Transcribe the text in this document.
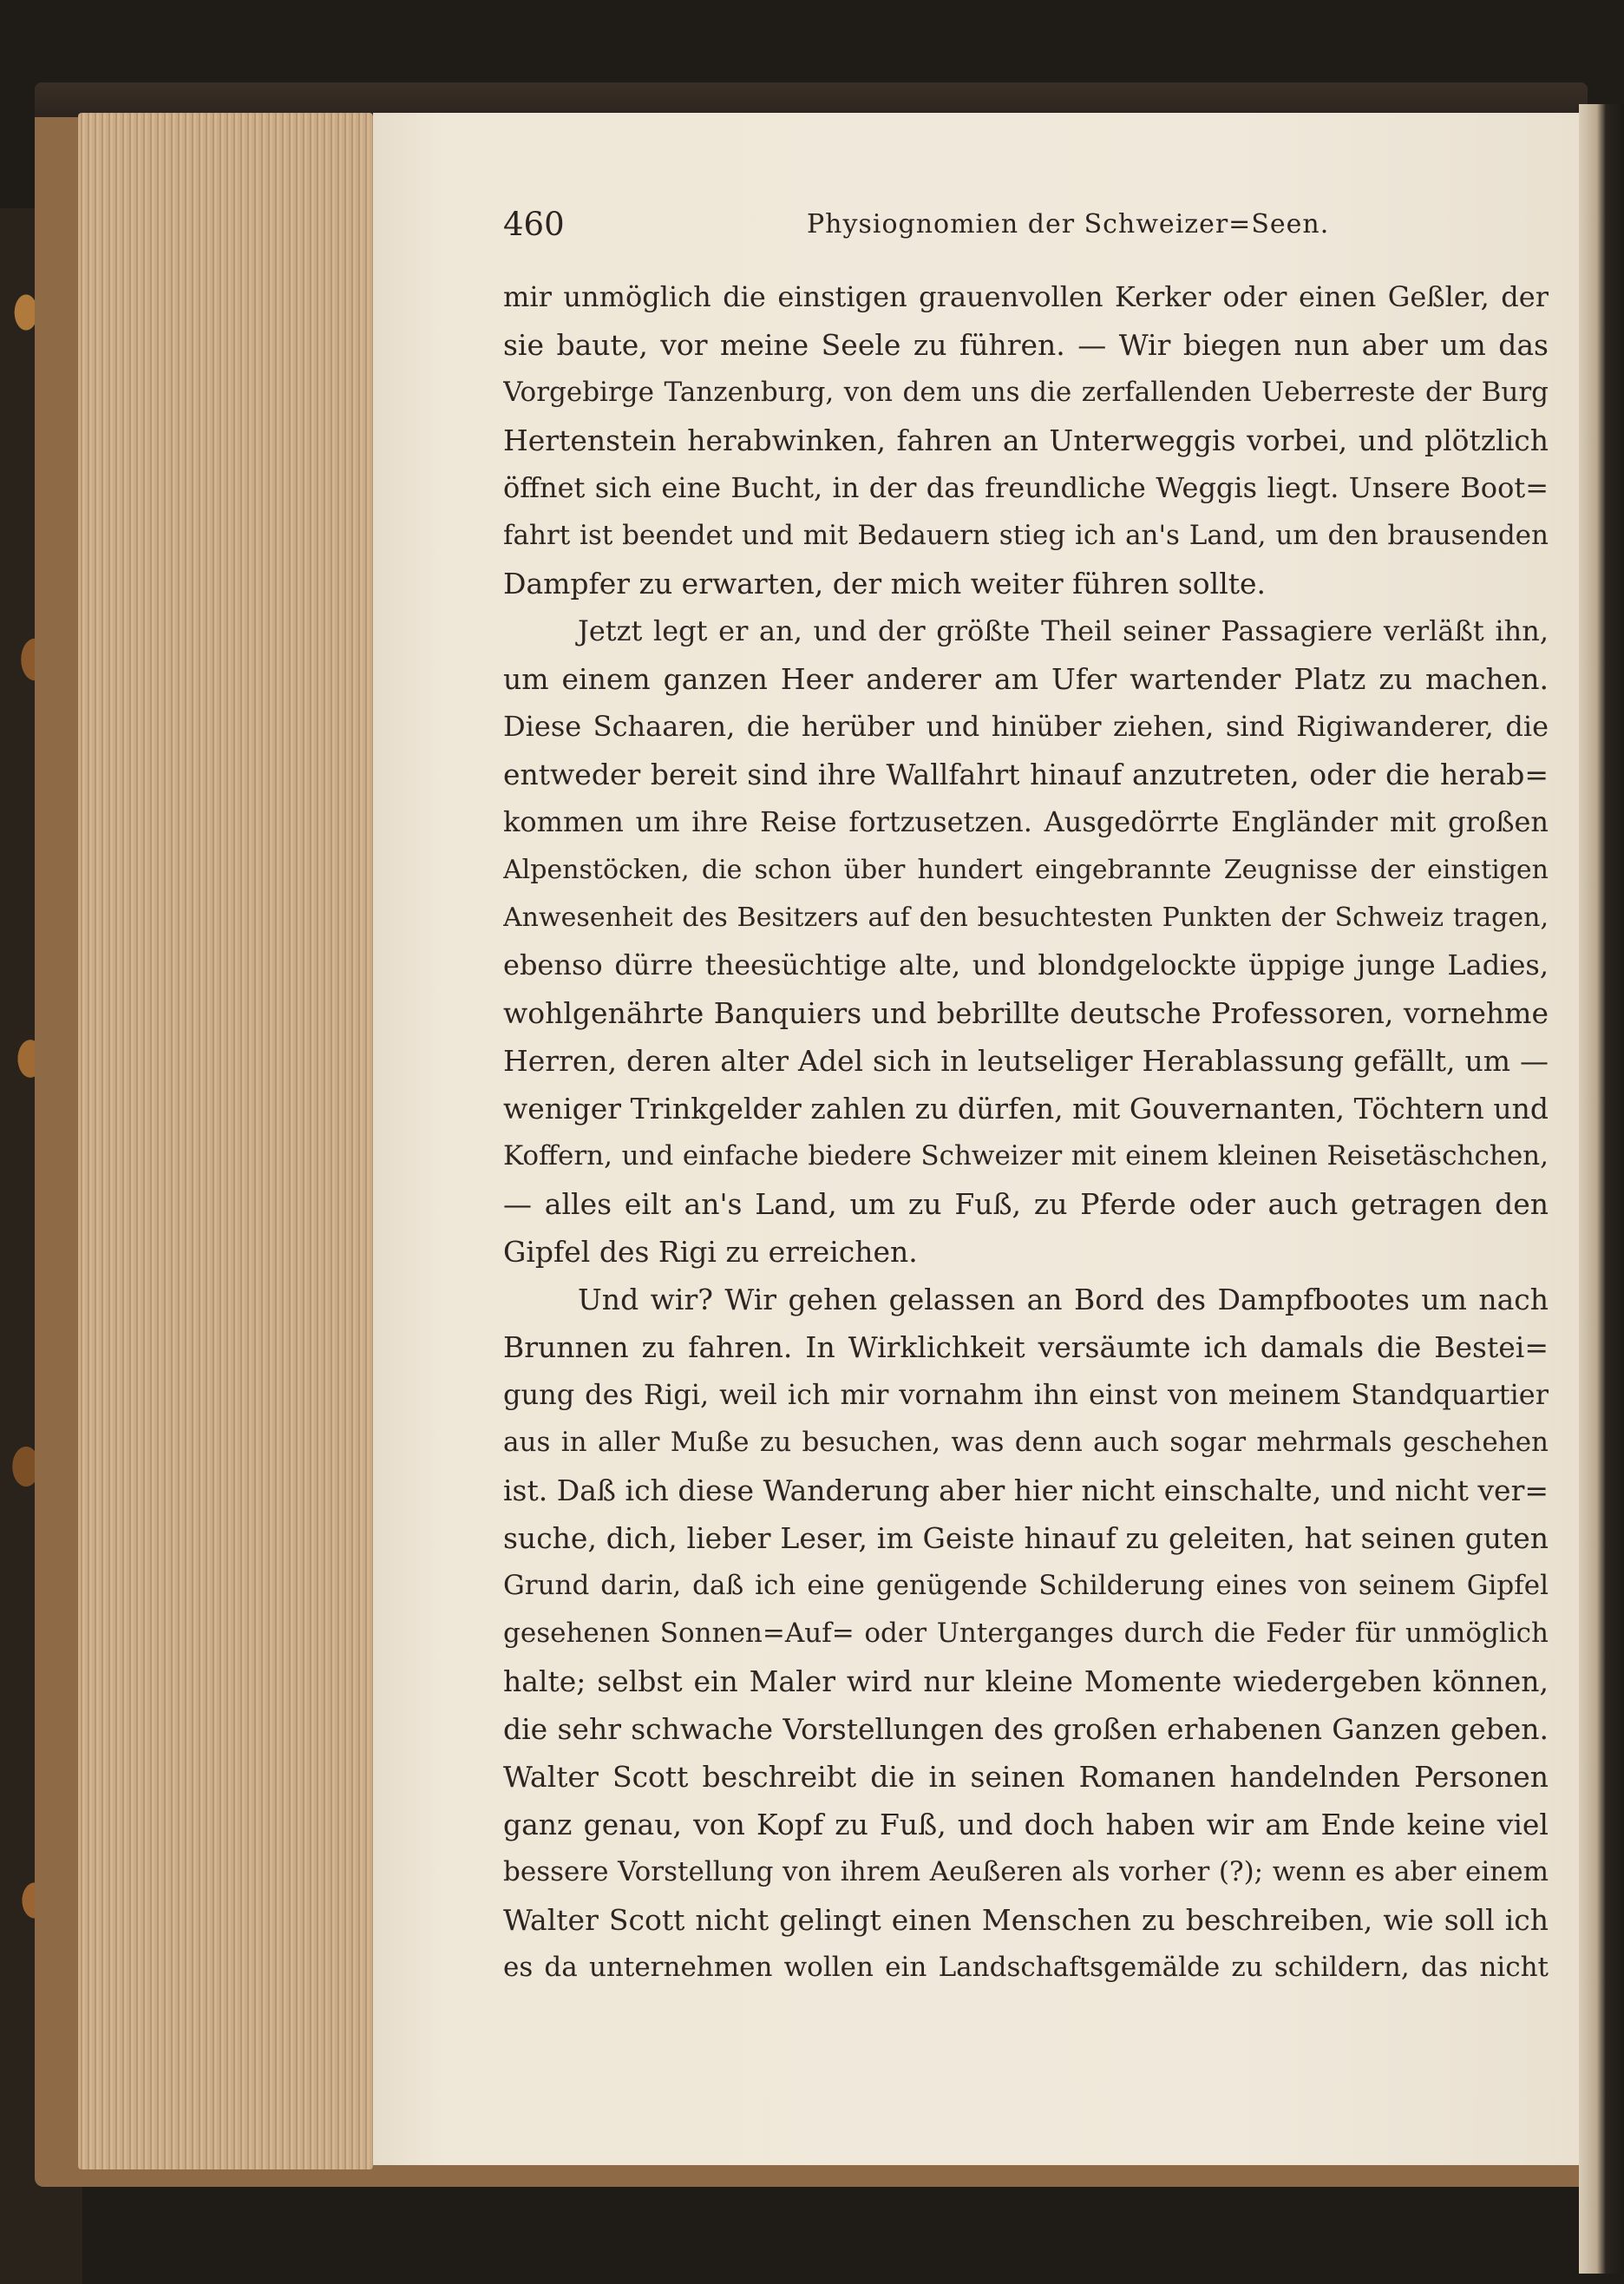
460	Physiognomien der Schweizer=Seen.
mir unmöglich die einstigen grauenvollen Kerker oder einen Geßler, der
sie baute, vor meine Seele zu führen. — Wir biegen nun aber um das
Vorgebirge Tanzenburg, von dem uns die zerfallenden Ueberreste der Burg
Hertenstein herabwinken, fahren an Unterweggis vorbei, und plötzlich
öffnet sich eine Bucht, in der das freundliche Weggis liegt. Unsere Boot=
fahrt ist beendet und mit Bedauern stieg ich an's Land, um den brausenden
Dampfer zu erwarten, der mich weiter führen sollte.
Jetzt legt er an, und der größte Theil seiner Passagiere verläßt ihn,
um einem ganzen Heer anderer am Ufer wartender Platz zu machen.
Diese Schaaren, die herüber und hinüber ziehen, sind Rigiwanderer, die
entweder bereit sind ihre Wallfahrt hinauf anzutreten, oder die herab=
kommen um ihre Reise fortzusetzen. Ausgedörrte Engländer mit großen
Alpenstöcken, die schon über hundert eingebrannte Zeugnisse der einstigen
Anwesenheit des Besitzers auf den besuchtesten Punkten der Schweiz tragen,
ebenso dürre theesüchtige alte, und blondgelockte üppige junge Ladies,
wohlgenährte Banquiers und bebrillte deutsche Professoren, vornehme
Herren, deren alter Adel sich in leutseliger Herablassung gefällt, um —
weniger Trinkgelder zahlen zu dürfen, mit Gouvernanten, Töchtern und
Koffern, und einfache biedere Schweizer mit einem kleinen Reisetäschchen,
— alles eilt an's Land, um zu Fuß, zu Pferde oder auch getragen den
Gipfel des Rigi zu erreichen.
Und wir? Wir gehen gelassen an Bord des Dampfbootes um nach
Brunnen zu fahren. In Wirklichkeit versäumte ich damals die Bestei=
gung des Rigi, weil ich mir vornahm ihn einst von meinem Standquartier
aus in aller Muße zu besuchen, was denn auch sogar mehrmals geschehen
ist. Daß ich diese Wanderung aber hier nicht einschalte, und nicht ver=
suche, dich, lieber Leser, im Geiste hinauf zu geleiten, hat seinen guten
Grund darin, daß ich eine genügende Schilderung eines von seinem Gipfel
gesehenen Sonnen=Auf= oder Unterganges durch die Feder für unmöglich
halte; selbst ein Maler wird nur kleine Momente wiedergeben können,
die sehr schwache Vorstellungen des großen erhabenen Ganzen geben.
Walter Scott beschreibt die in seinen Romanen handelnden Personen
ganz genau, von Kopf zu Fuß, und doch haben wir am Ende keine viel
bessere Vorstellung von ihrem Aeußeren als vorher (?); wenn es aber einem
Walter Scott nicht gelingt einen Menschen zu beschreiben, wie soll ich
es da unternehmen wollen ein Landschaftsgemälde zu schildern, das nicht
